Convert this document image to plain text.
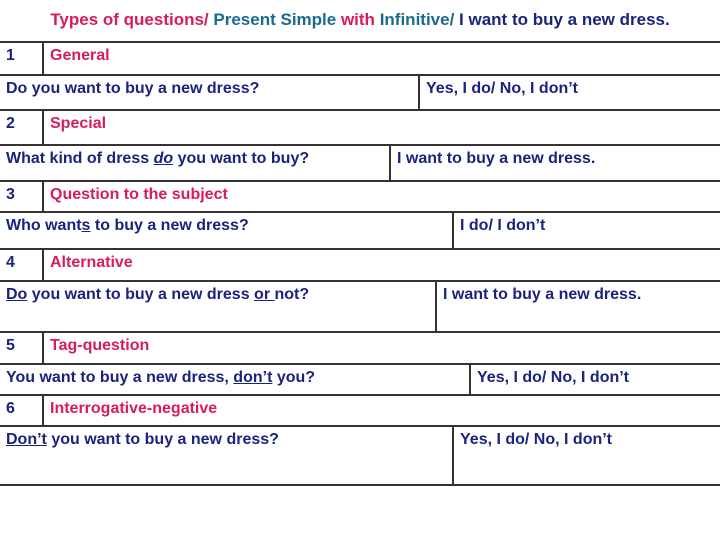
Types of questions/ Present Simple with Infinitive/ I want to buy a new dress.
1	General
Do you want to buy a new dress?	Yes, I do/ No, I don’t
2	Special
What kind of dress do you want to buy?	I want to buy a new dress.
3	Question to the subject
Who wants to buy a new dress?	I do/ I don’t
4	Alternative
Do you want to buy a new dress or not?	I want to buy a new dress.
5	Tag-question
You want to buy a new dress, don’t you?	Yes, I do/ No, I don’t
6	Interrogative-negative
Don’t you want to buy a new dress?	Yes, I do/ No, I don’t
